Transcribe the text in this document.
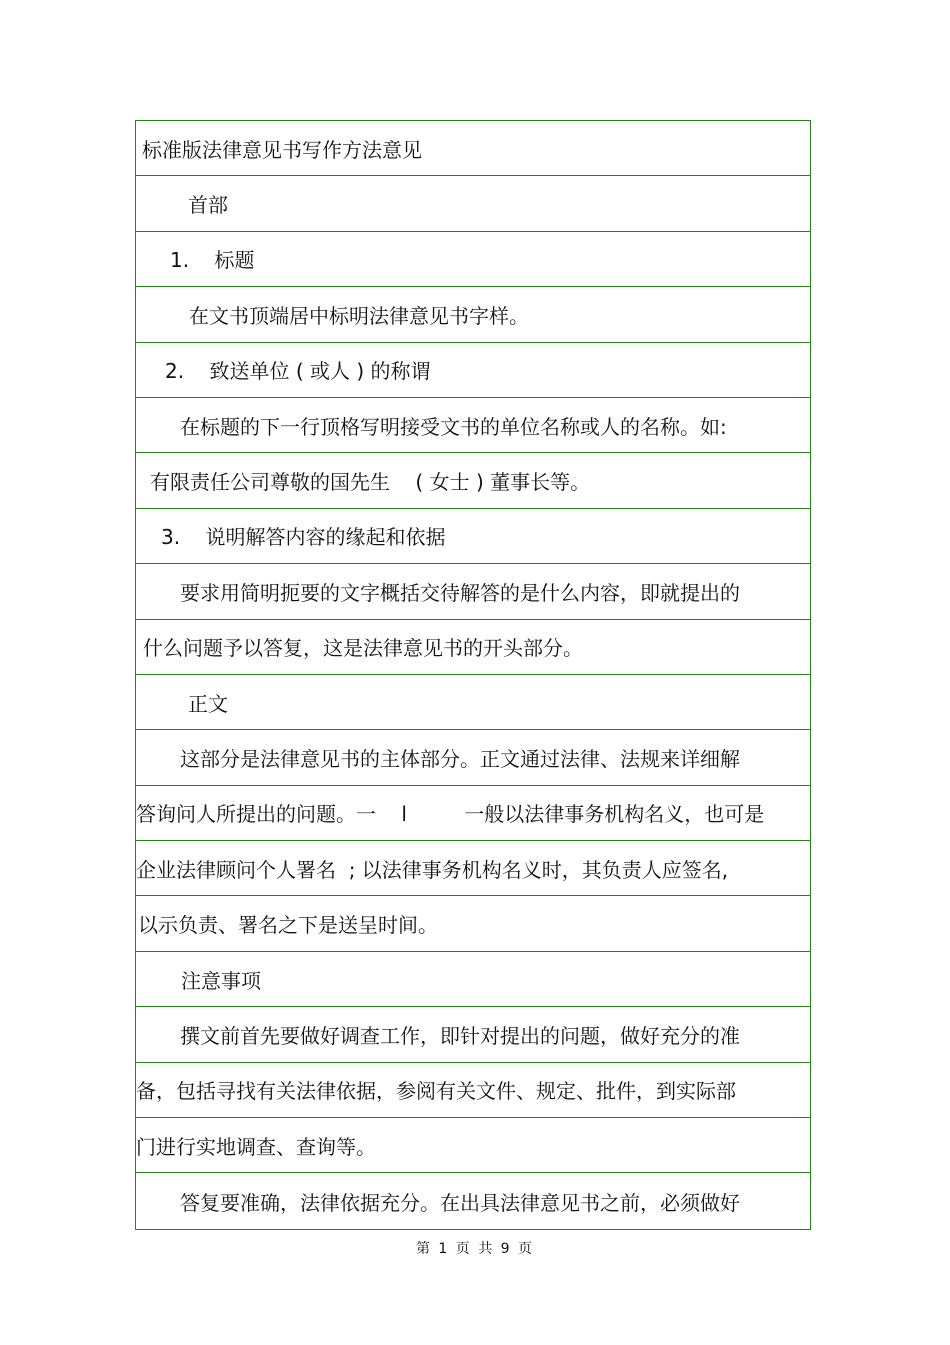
标准版法律意见书写作方法意见
首部
1.    标题
在文书顶端居中标明法律意见书字样。
2.    致送单位 ( 或人 ) 的称谓
在标题的下一行顶格写明接受文书的单位名称或人的名称。如:
有限责任公司尊敬的国先生    ( 女士 ) 董事长等。
3.    说明解答内容的缘起和依据
要求用简明扼要的文字概括交待解答的是什么内容，即就提出的
什么问题予以答复，这是法律意见书的开头部分。
正文
这部分是法律意见书的主体部分。正文通过法律、法规来详细解
答询问人所提出的问题。一    l         一般以法律事务机构名义，也可是
企业法律顾问个人署名  ; 以法律事务机构名义时，其负责人应签名,
以示负责、署名之下是送呈时间。
注意事项
撰文前首先要做好调查工作，即针对提出的问题，做好充分的准
备，包括寻找有关法律依据，参阅有关文件、规定、批件，到实际部
门进行实地调查、查询等。
答复要准确，法律依据充分。在出具法律意见书之前，必须做好
第 1 页 共 9 页
